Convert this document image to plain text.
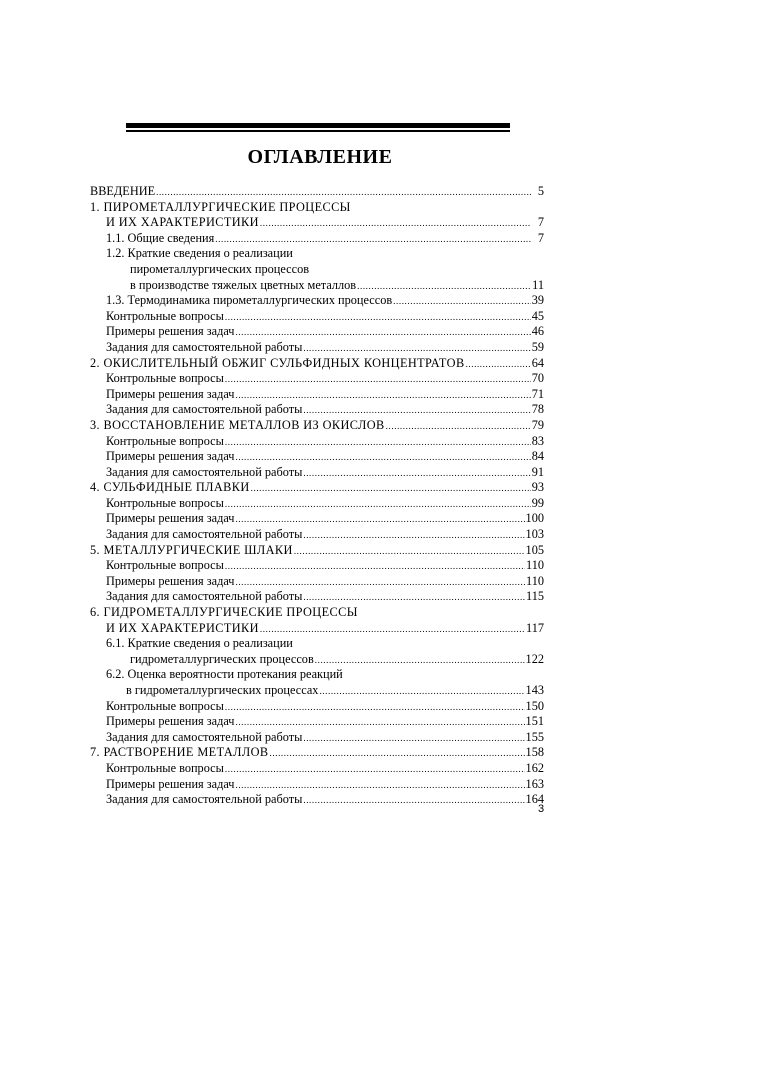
ОГЛАВЛЕНИЕ
ВВЕДЕНИЕ .....	5
1. ПИРОМЕТАЛЛУРГИЧЕСКИЕ ПРОЦЕССЫ
И ИХ ХАРАКТЕРИСТИКИ .....	7
1.1. Общие сведения .....	7
1.2. Краткие сведения о реализации
пирометаллургических процессов
в производстве тяжелых цветных металлов .....	11
1.3. Термодинамика пирометаллургических процессов .....	39
Контрольные вопросы .....	45
Примеры решения задач .....	46
Задания для самостоятельной работы .....	59
2. ОКИСЛИТЕЛЬНЫЙ ОБЖИГ СУЛЬФИДНЫХ КОНЦЕНТРАТОВ .....	64
Контрольные вопросы .....	70
Примеры решения задач .....	71
Задания для самостоятельной работы .....	78
3. ВОССТАНОВЛЕНИЕ МЕТАЛЛОВ ИЗ ОКИСЛОВ .....	79
Контрольные вопросы .....	83
Примеры решения задач .....	84
Задания для самостоятельной работы .....	91
4. СУЛЬФИДНЫЕ ПЛАВКИ .....	93
Контрольные вопросы .....	99
Примеры решения задач .....	100
Задания для самостоятельной работы .....	103
5. МЕТАЛЛУРГИЧЕСКИЕ ШЛАКИ .....	105
Контрольные вопросы .....	110
Примеры решения задач .....	110
Задания для самостоятельной работы .....	115
6. ГИДРОМЕТАЛЛУРГИЧЕСКИЕ ПРОЦЕССЫ
И ИХ ХАРАКТЕРИСТИКИ .....	117
6.1. Краткие сведения о реализации
гидрометаллургических процессов .....	122
6.2. Оценка вероятности протекания реакций
в гидрометаллургических процессах .....	143
Контрольные вопросы .....	150
Примеры решения задач .....	151
Задания для самостоятельной работы .....	155
7. РАСТВОРЕНИЕ МЕТАЛЛОВ .....	158
Контрольные вопросы .....	162
Примеры решения задач .....	163
Задания для самостоятельной работы .....	164
3
